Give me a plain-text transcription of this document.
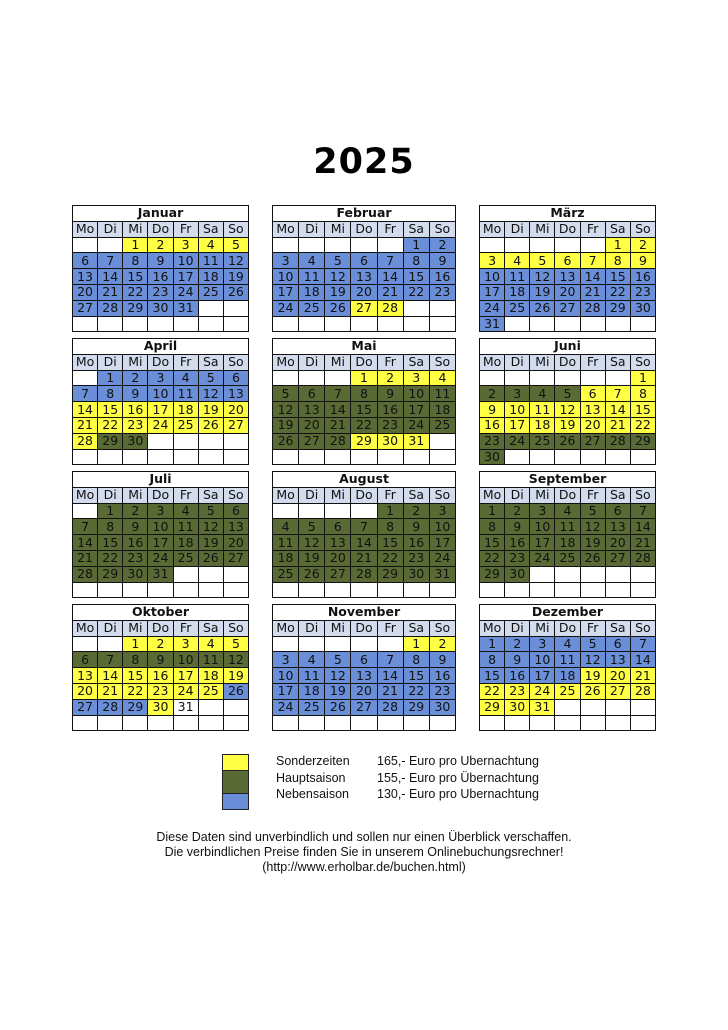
2025
Januar						
Mo	Di	Mi	Do	Fr	Sa	So
		1	2	3	4	5
6	7	8	9	10	11	12
13	14	15	16	17	18	19
20	21	22	23	24	25	26
27	28	29	30	31		

Februar						
Mo	Di	Mi	Do	Fr	Sa	So
					1	2
3	4	5	6	7	8	9
10	11	12	13	14	15	16
17	18	19	20	21	22	23
24	25	26	27	28		

März						
Mo	Di	Mi	Do	Fr	Sa	So
					1	2
3	4	5	6	7	8	9
10	11	12	13	14	15	16
17	18	19	20	21	22	23
24	25	26	27	28	29	30
31						
April						
Mo	Di	Mi	Do	Fr	Sa	So
	1	2	3	4	5	6
7	8	9	10	11	12	13
14	15	16	17	18	19	20
21	22	23	24	25	26	27
28	29	30				

Mai						
Mo	Di	Mi	Do	Fr	Sa	So
			1	2	3	4
5	6	7	8	9	10	11
12	13	14	15	16	17	18
19	20	21	22	23	24	25
26	27	28	29	30	31	

Juni						
Mo	Di	Mi	Do	Fr	Sa	So
						1
2	3	4	5	6	7	8
9	10	11	12	13	14	15
16	17	18	19	20	21	22
23	24	25	26	27	28	29
30						
Juli						
Mo	Di	Mi	Do	Fr	Sa	So
	1	2	3	4	5	6
7	8	9	10	11	12	13
14	15	16	17	18	19	20
21	22	23	24	25	26	27
28	29	30	31			

August						
Mo	Di	Mi	Do	Fr	Sa	So
				1	2	3
4	5	6	7	8	9	10
11	12	13	14	15	16	17
18	19	20	21	22	23	24
25	26	27	28	29	30	31

September						
Mo	Di	Mi	Do	Fr	Sa	So
1	2	3	4	5	6	7
8	9	10	11	12	13	14
15	16	17	18	19	20	21
22	23	24	25	26	27	28
29	30					

Oktober						
Mo	Di	Mi	Do	Fr	Sa	So
		1	2	3	4	5
6	7	8	9	10	11	12
13	14	15	16	17	18	19
20	21	22	23	24	25	26
27	28	29	30	31		

November						
Mo	Di	Mi	Do	Fr	Sa	So
					1	2
3	4	5	6	7	8	9
10	11	12	13	14	15	16
17	18	19	20	21	22	23
24	25	26	27	28	29	30

Dezember						
Mo	Di	Mi	Do	Fr	Sa	So
1	2	3	4	5	6	7
8	9	10	11	12	13	14
15	16	17	18	19	20	21
22	23	24	25	26	27	28
29	30	31				

Sonderzeiten 165,- Euro pro Ubernachtung
Hauptsaison	155,- Euro pro Übernachtung
Nebensaison 130,- Euro pro Ubernachtung
Diese Daten sind unverbindlich und sollen nur einen Überblick verschaffen.
Die verbindlichen Preise finden Sie in unserem Onlinebuchungsrechner!
(http://www.erholbar.de/buchen.html)
